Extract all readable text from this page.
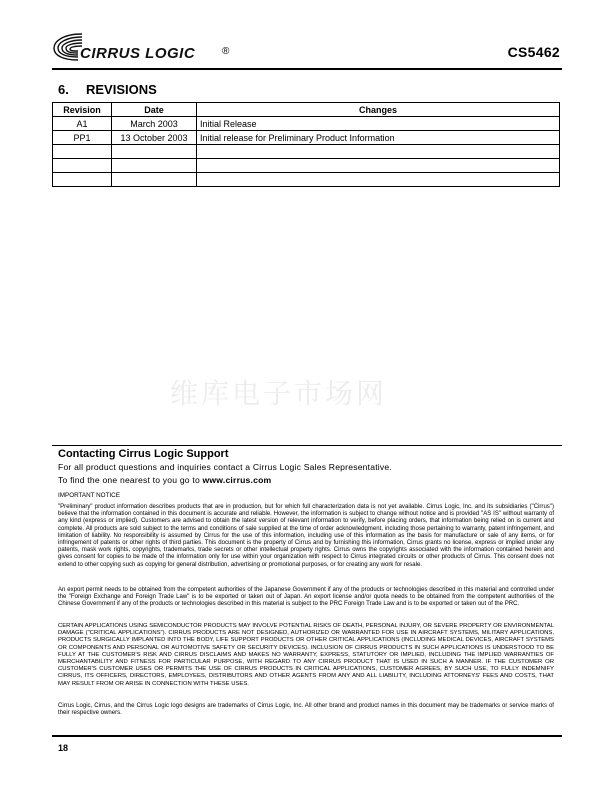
CIRRUS LOGIC	®	CS5462
6. REVISIONS
Revision	Date	Changes
A1	March 2003	Initial Release
PP1	13 October 2003	Initial release for Preliminary Product Information

维库电子市场网
Contacting Cirrus Logic Support
For all product questions and inquiries contact a Cirrus Logic Sales Representative.
To find the one nearest to you go to www.cirrus.com
IMPORTANT NOTICE
"Preliminary" product information describes products that are in production, but for which full characterization data is not yet available. Cirrus Logic, Inc. and its subsidiaries ("Cirrus") believe that the information contained in this document is accurate and reliable. However, the information is subject to change without notice and is provided "AS IS" without warranty of any kind (express or implied). Customers are advised to obtain the latest version of relevant information to verify, before placing orders, that information being relied on is current and complete. All products are sold subject to the terms and conditions of sale supplied at the time of order acknowledgment, including those pertaining to warranty, patent infringement, and limitation of liability. No responsibility is assumed by Cirrus for the use of this information, including use of this information as the basis for manufacture or sale of any items, or for infringement of patents or other rights of third parties. This document is the property of Cirrus and by furnishing this information, Cirrus grants no license, express or implied under any patents, mask work rights, copyrights, trademarks, trade secrets or other intellectual property rights. Cirrus owns the copyrights associated with the information contained herein and gives consent for copies to be made of the information only for use within your organization with respect to Cirrus integrated circuits or other products of Cirrus. This consent does not extend to other copying such as copying for general distribution, advertising or promotional purposes, or for creating any work for resale.
An export permit needs to be obtained from the competent authorities of the Japanese Government if any of the products or technologies described in this material and controlled under the "Foreign Exchange and Foreign Trade Law" is to be exported or taken out of Japan. An export license and/or quota needs to be obtained from the competent authorities of the Chinese Government if any of the products or technologies described in this material is subject to the PRC Foreign Trade Law and is to be exported or taken out of the PRC.
CERTAIN APPLICATIONS USING SEMICONDUCTOR PRODUCTS MAY INVOLVE POTENTIAL RISKS OF DEATH, PERSONAL INJURY, OR SEVERE PROPERTY OR ENVIRONMENTAL DAMAGE ("CRITICAL APPLICATIONS"). CIRRUS PRODUCTS ARE NOT DESIGNED, AUTHORIZED OR WARRANTED FOR USE IN AIRCRAFT SYSTEMS, MILITARY APPLICATIONS, PRODUCTS SURGICALLY IMPLANTED INTO THE BODY, LIFE SUPPORT PRODUCTS OR OTHER CRITICAL APPLICATIONS (INCLUDING MEDICAL DEVICES, AIRCRAFT SYSTEMS OR COMPONENTS AND PERSONAL OR AUTOMOTIVE SAFETY OR SECURITY DEVICES). INCLUSION OF CIRRUS PRODUCTS IN SUCH APPLICATIONS IS UNDERSTOOD TO BE FULLY AT THE CUSTOMER'S RISK AND CIRRUS DISCLAIMS AND MAKES NO WARRANTY, EXPRESS, STATUTORY OR IMPLIED, INCLUDING THE IMPLIED WARRANTIES OF MERCHANTABILITY AND FITNESS FOR PARTICULAR PURPOSE, WITH REGARD TO ANY CIRRUS PRODUCT THAT IS USED IN SUCH A MANNER. IF THE CUSTOMER OR CUSTOMER'S CUSTOMER USES OR PERMITS THE USE OF CIRRUS PRODUCTS IN CRITICAL APPLICATIONS, CUSTOMER AGREES, BY SUCH USE, TO FULLY INDEMNIFY CIRRUS, ITS OFFICERS, DIRECTORS, EMPLOYEES, DISTRIBUTORS AND OTHER AGENTS FROM ANY AND ALL LIABILITY, INCLUDING ATTORNEYS' FEES AND COSTS, THAT MAY RESULT FROM OR ARISE IN CONNECTION WITH THESE USES.
Cirrus Logic, Cirrus, and the Cirrus Logic logo designs are trademarks of Cirrus Logic, Inc. All other brand and product names in this document may be trademarks or service marks of their respective owners.
18
